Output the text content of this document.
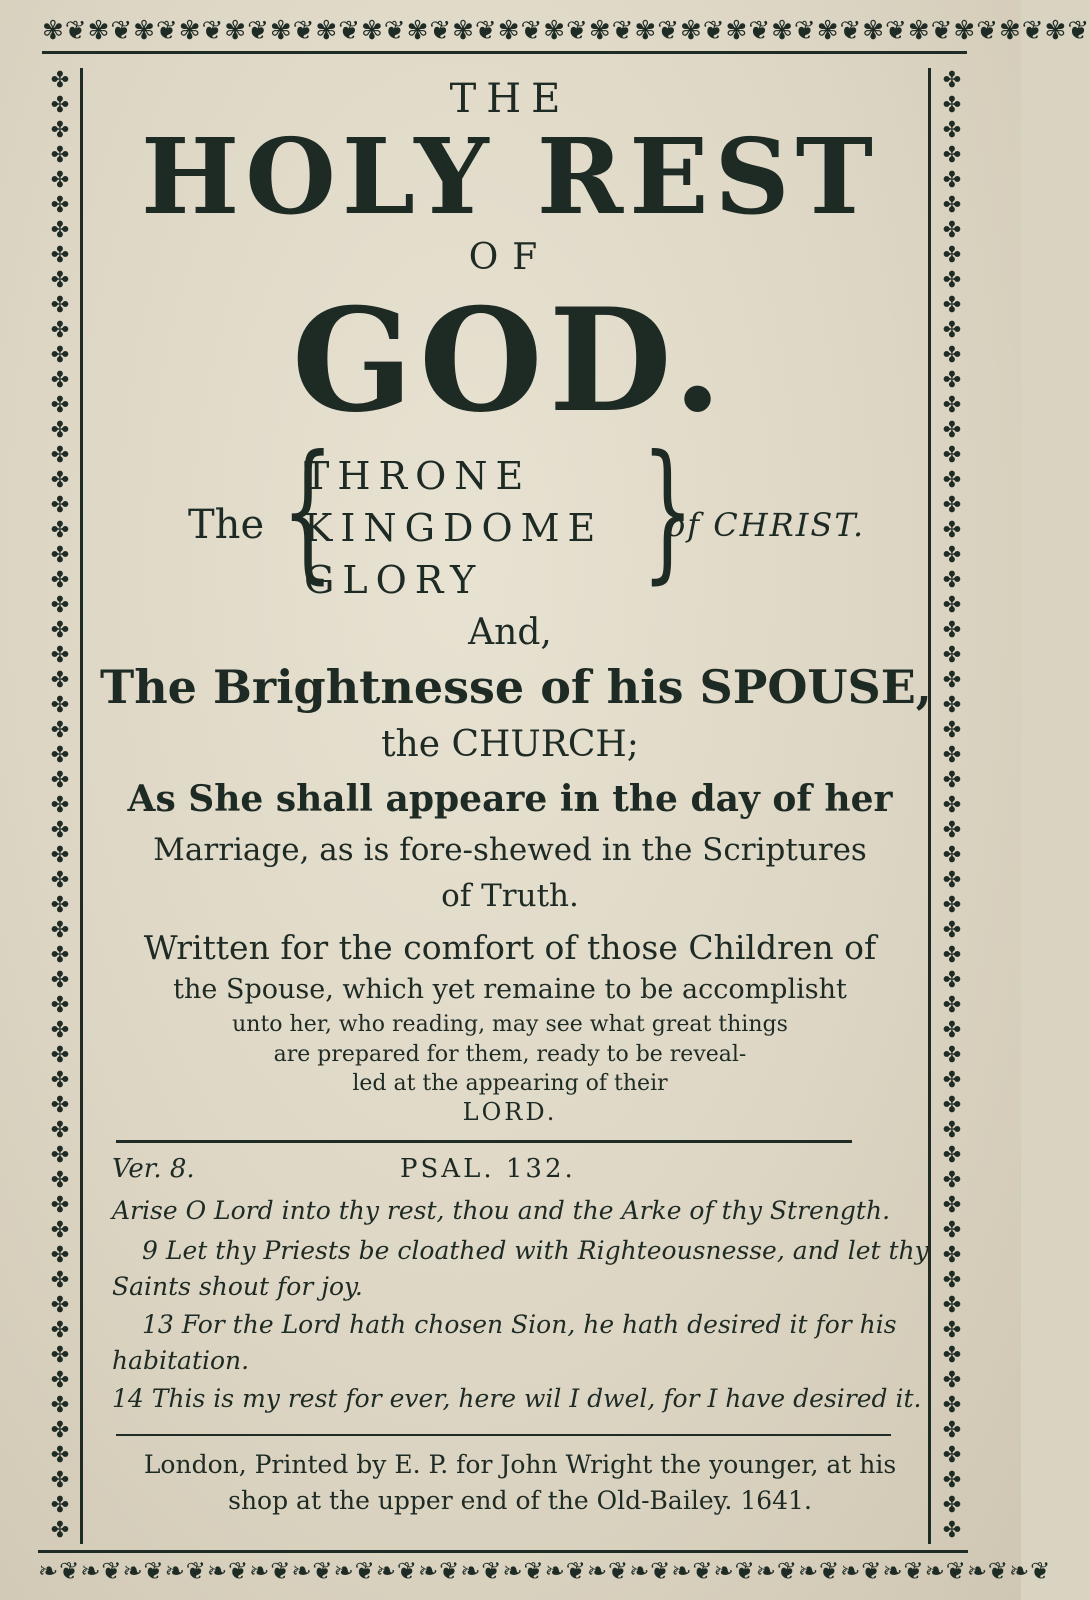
✾❦✾❦✾❦✾❦✾❦✾❦✾❦✾❦✾❦✾❦✾❦✾❦✾❦✾❦✾❦✾❦✾❦✾❦✾❦✾❦✾❦✾❦✾❦
✤✤✤✤✤✤✤✤✤✤✤✤✤✤✤✤✤✤✤✤✤✤✤✤✤✤✤✤✤✤✤✤✤✤✤✤✤✤✤✤✤✤✤✤✤✤✤✤✤✤✤✤✤✤✤✤✤✤✤
✤✤✤✤✤✤✤✤✤✤✤✤✤✤✤✤✤✤✤✤✤✤✤✤✤✤✤✤✤✤✤✤✤✤✤✤✤✤✤✤✤✤✤✤✤✤✤✤✤✤✤✤✤✤✤✤✤✤✤
❧❦❧❦❧❦❧❦❧❦❧❦❧❦❧❦❧❦❧❦❧❦❧❦❧❦❧❦❧❦❧❦❧❦❧❦❧❦❧❦❧❦❧❦❧❦❧❦
THE
HOLY REST
OF
GOD.
The {
THRONE
KINGDOME
GLORY	}
of CHRIST.
And,
The Brightnesse of his SPOUSE,
the CHURCH;
As She shall appeare in the day of her
Marriage, as is fore-shewed in the Scriptures
of Truth.
Written for the comfort of those Children of
the Spouse, which yet remaine to be accomplisht
unto her, who reading, may see what great things
are prepared for them, ready to be reveal-
led at the appearing of their
LORD.
Ver. 8.	PSAL. 132.
Arise O Lord into thy rest, thou and the Arke of thy Strength.
9 Let thy Priests be cloathed with Righteousnesse, and let thy
Saints shout for joy.
13 For the Lord hath chosen Sion, he hath desired it for his
habitation.
14 This is my rest for ever, here wil I dwel, for I have desired it.
London, Printed by E. P. for John Wright the younger, at his
shop at the upper end of the Old-Bailey. 1641.
